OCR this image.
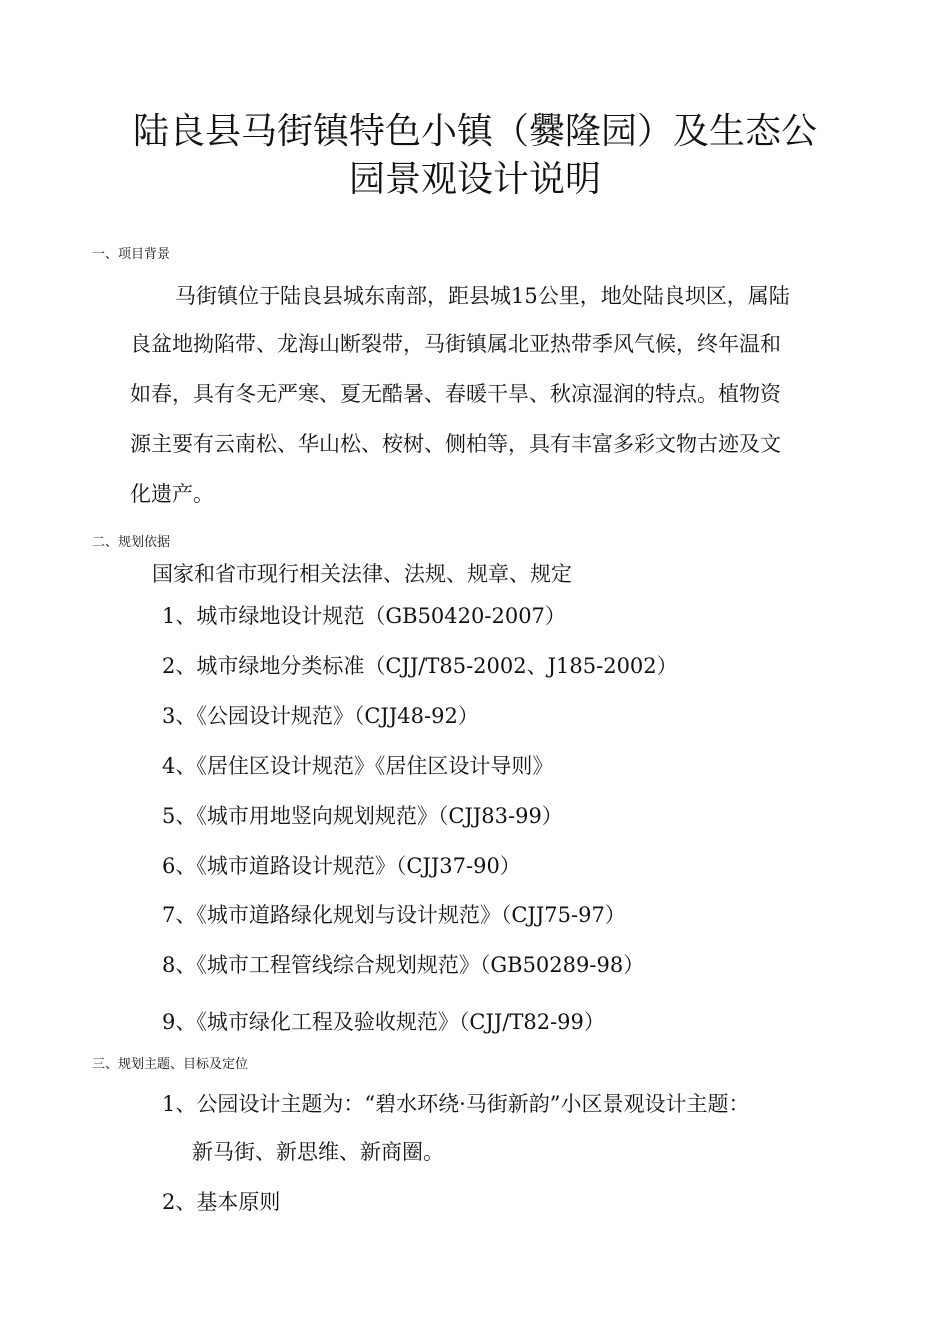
陆良县马街镇特色小镇（爨隆园）及生态公
园景观设计说明
一、项目背景
马街镇位于陆良县城东南部，距县城15公里，地处陆良坝区，属陆
良盆地拗陷带、龙海山断裂带，马街镇属北亚热带季风气候，终年温和
如春，具有冬无严寒、夏无酷暑、春暖干旱、秋凉湿润的特点。植物资
源主要有云南松、华山松、桉树、侧柏等，具有丰富多彩文物古迹及文
化遗产。
二、规划依据
国家和省市现行相关法律、法规、规章、规定
1、城市绿地设计规范（GB50420-2007）
2、城市绿地分类标准（CJJ/T85-2002、J185-2002）
3、《公园设计规范》（CJJ48-92）
4、《居住区设计规范》《居住区设计导则》
5、《城市用地竖向规划规范》（CJJ83-99）
6、《城市道路设计规范》（CJJ37-90）
7、《城市道路绿化规划与设计规范》（CJJ75-97）
8、《城市工程管线综合规划规范》（GB50289-98）
9、《城市绿化工程及验收规范》（CJJ/T82-99）
三、规划主题、目标及定位
1、公园设计主题为：“碧水环绕·马街新韵”小区景观设计主题：
新马街、新思维、新商圈。
2、基本原则
